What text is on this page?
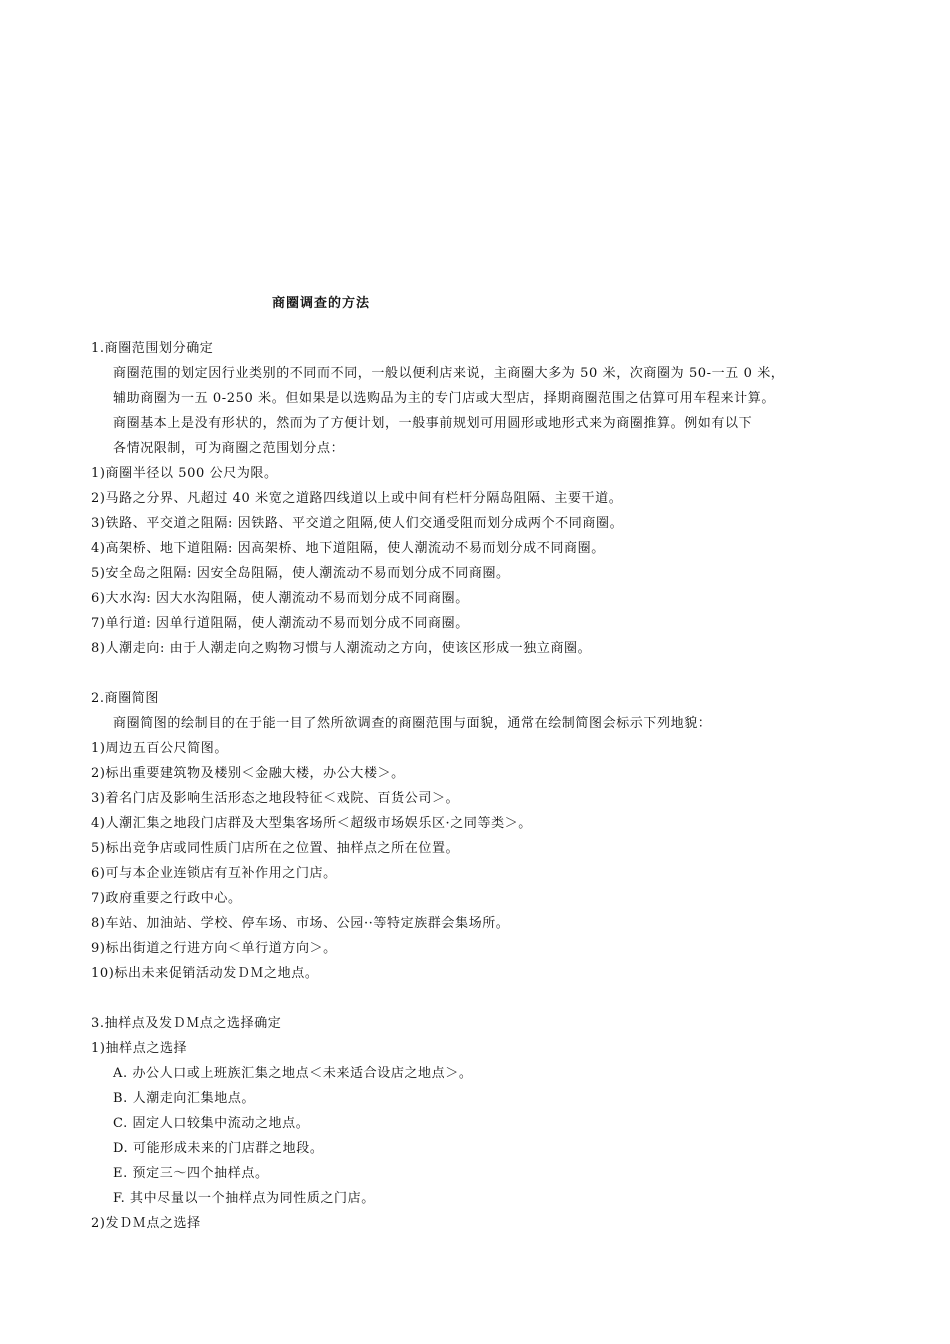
商圈调查的方法
1.商圈范围划分确定
商圈范围的划定因行业类别的不同而不同，一般以便利店来说，主商圈大多为 50 米，次商圈为 50-一五 0 米，
辅助商圈为一五 0-250 米。但如果是以选购品为主的专门店或大型店，择期商圈范围之估算可用车程来计算。
商圈基本上是没有形状的，然而为了方便计划，一般事前规划可用圆形或地形式来为商圈推算。例如有以下
各情况限制，可为商圈之范围划分点：
1)商圈半径以 500 公尺为限。
2)马路之分界、凡超过 40 米宽之道路四线道以上或中间有栏杆分隔岛阻隔、主要干道。
3)铁路、平交道之阻隔: 因铁路、平交道之阻隔,使人们交通受阻而划分成两个不同商圈。
4)高架桥、地下道阻隔: 因高架桥、地下道阻隔，使人潮流动不易而划分成不同商圈。
5)安全岛之阻隔: 因安全岛阻隔，使人潮流动不易而划分成不同商圈。
6)大水沟: 因大水沟阻隔，使人潮流动不易而划分成不同商圈。
7)单行道: 因单行道阻隔，使人潮流动不易而划分成不同商圈。
8)人潮走向: 由于人潮走向之购物习惯与人潮流动之方向，使该区形成一独立商圈。
2.商圈简图
商圈简图的绘制目的在于能一目了然所欲调查的商圈范围与面貌，通常在绘制简图会标示下列地貌：
1)周边五百公尺简图。
2)标出重要建筑物及楼别＜金融大楼，办公大楼＞。
3)着名门店及影响生活形态之地段特征＜戏院、百货公司＞。
4)人潮汇集之地段门店群及大型集客场所＜超级市场娱乐区·之同等类＞。
5)标出竞争店或同性质门店所在之位置、抽样点之所在位置。
6)可与本企业连锁店有互补作用之门店。
7)政府重要之行政中心。
8)车站、加油站、学校、停车场、市场、公园··等特定族群会集场所。
9)标出街道之行进方向＜单行道方向＞。
10)标出未来促销活动发ＤＭ之地点。
3.抽样点及发ＤＭ点之选择确定
1)抽样点之选择
A. 办公人口或上班族汇集之地点＜未来适合设店之地点＞。
B. 人潮走向汇集地点。
C. 固定人口较集中流动之地点。
D. 可能形成未来的门店群之地段。
E. 预定三～四个抽样点。
F. 其中尽量以一个抽样点为同性质之门店。
2)发ＤＭ点之选择
